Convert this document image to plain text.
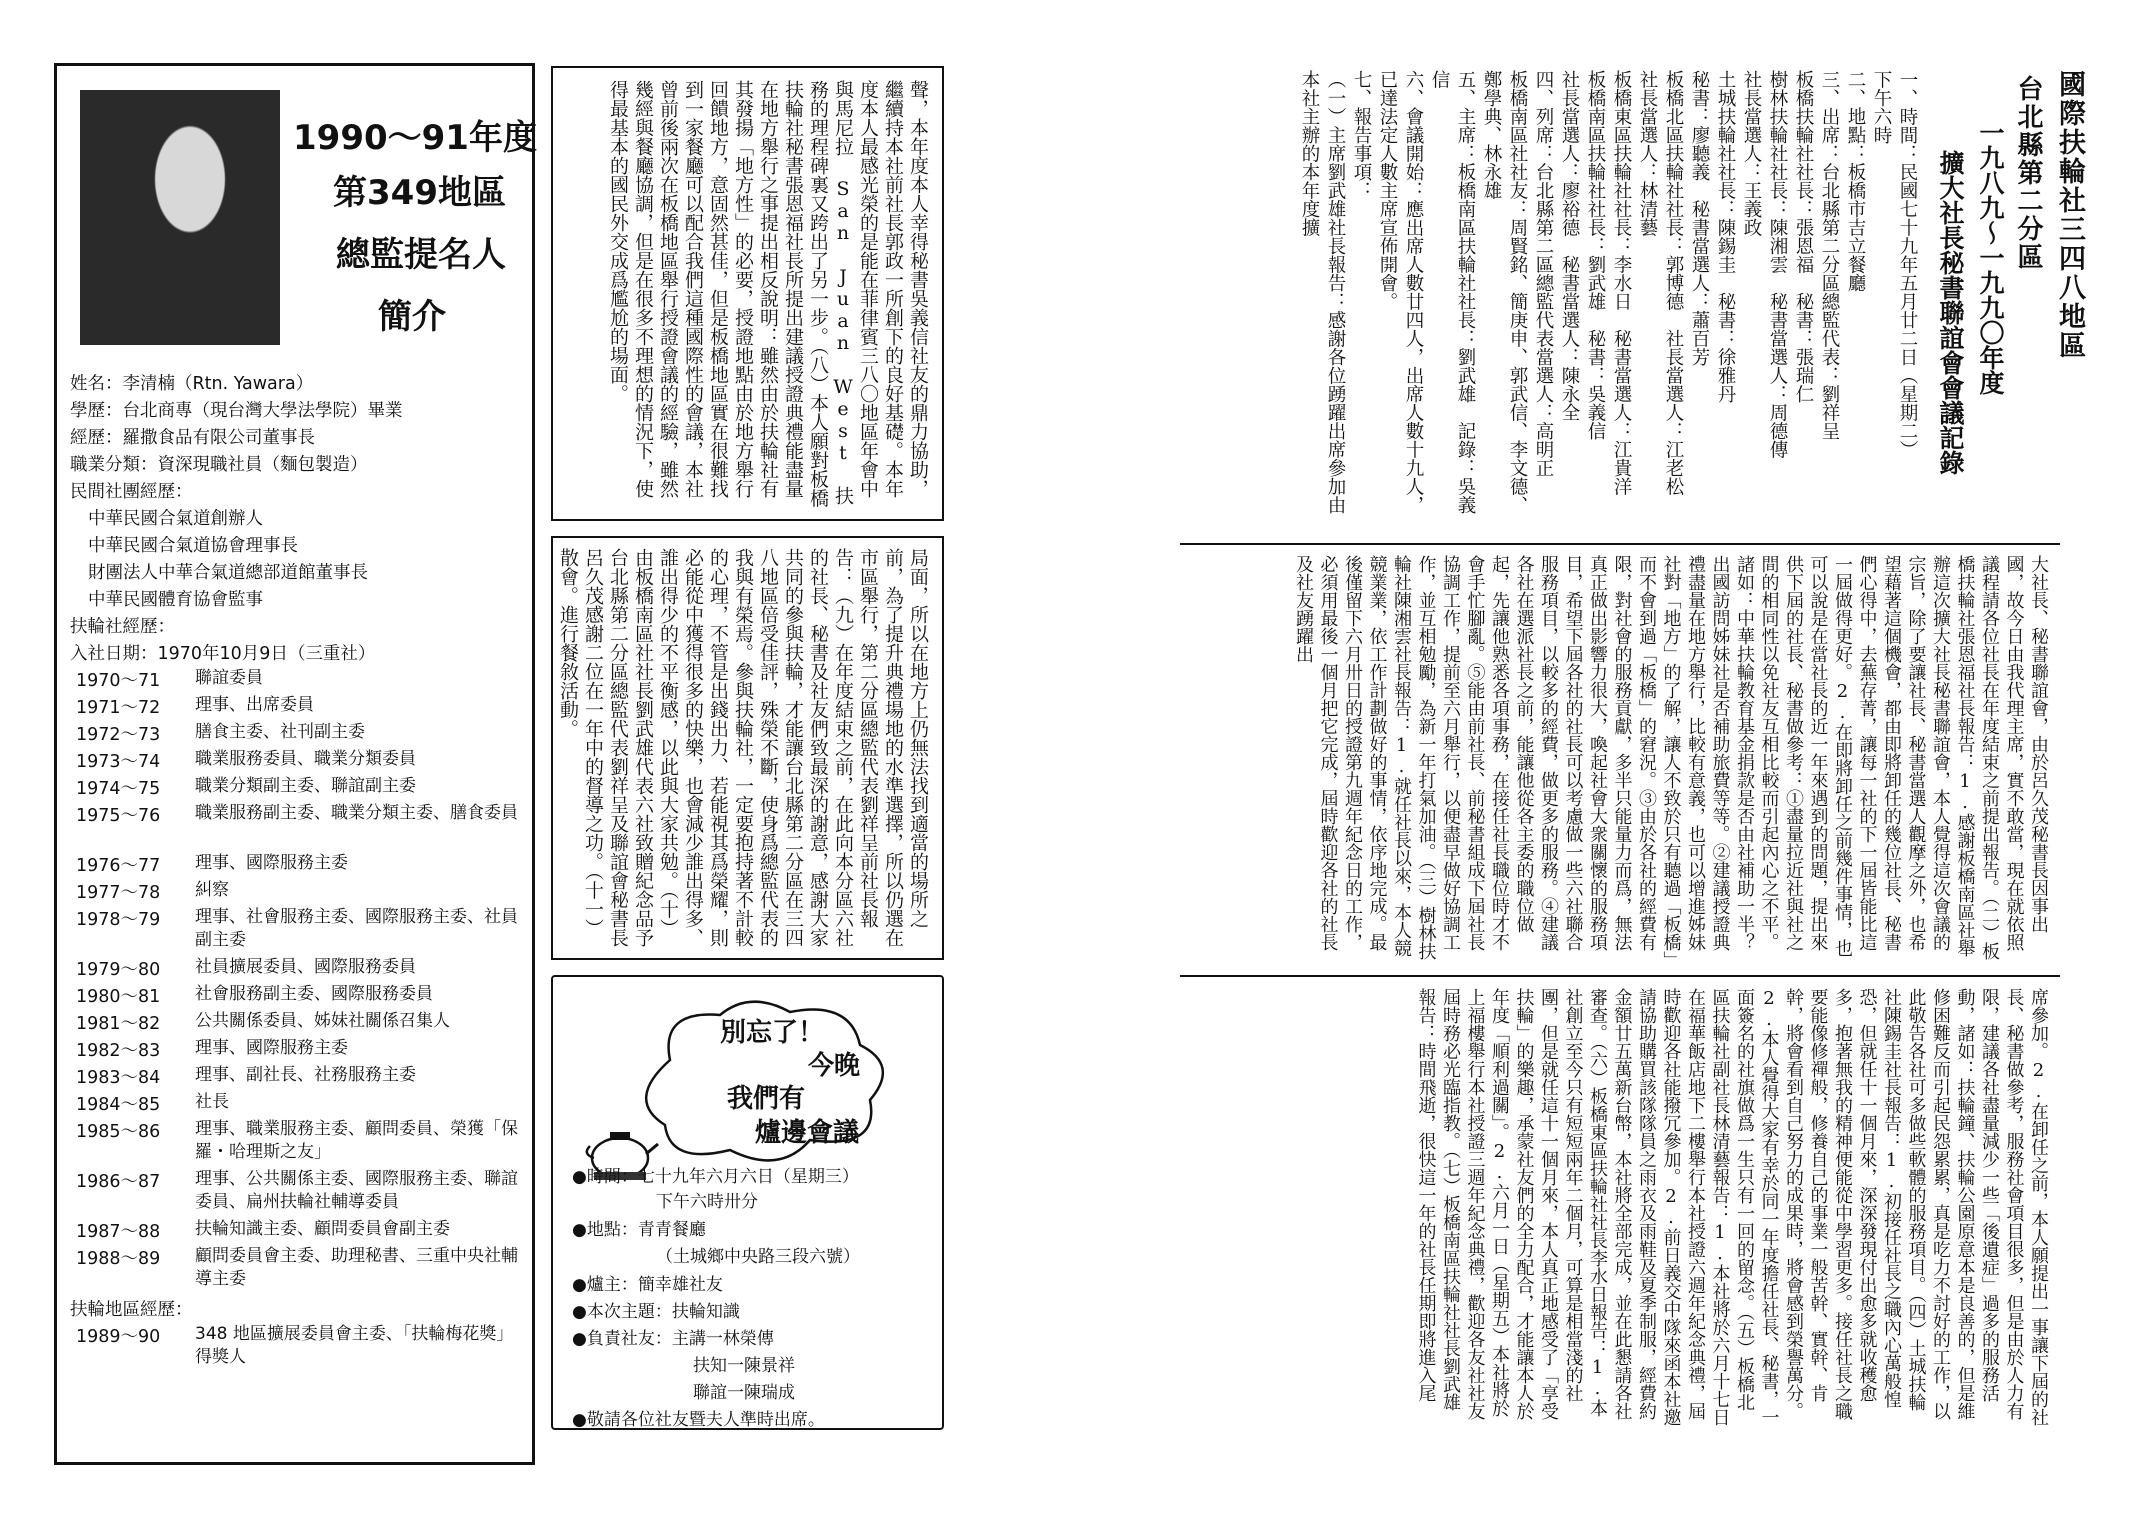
1990〜91年度
第349地區
總監提名人
簡介
姓名：李清楠（Rtn. Yawara）
學歷：台北商專（現台灣大學法學院）畢業
經歷：羅撒食品有限公司董事長
職業分類：資深現職社員（麵包製造）
民間社團經歷：
中華民國合氣道創辦人
中華民國合氣道協會理事長
財團法人中華合氣道總部道館董事長
中華民國體育協會監事
扶輪社經歷：
入社日期：1970年10月9日（三重社）
1970〜71 聯誼委員
1971〜72 理事、出席委員
1972〜73 膳食主委、社刊副主委
1973〜74 職業服務委員、職業分類委員
1974〜75 職業分類副主委、聯誼副主委
1975〜76 職業服務副主委、職業分類主委、膳食委員
1976〜77 理事、國際服務主委
1977〜78 糾察
1978〜79 理事、社會服務主委、國際服務主委、社員副主委
1979〜80 社員擴展委員、國際服務委員
1980〜81 社會服務副主委、國際服務委員
1981〜82 公共關係委員、姊妹社關係召集人
1982〜83 理事、國際服務主委
1983〜84 理事、副社長、社務服務主委
1984〜85 社長
1985〜86 理事、職業服務主委、顧問委員、榮獲「保羅・哈理斯之友」
1986〜87 理事、公共關係主委、國際服務主委、聯誼委員、扁州扶輪社輔導委員
1987〜88 扶輪知識主委、顧問委員會副主委
1988〜89 顧問委員會主委、助理秘書、三重中央社輔導主委
扶輪地區經歷：
1989〜90 348 地區擴展委員會主委、「扶輪梅花獎」得獎人
聲，本年度本人幸得秘書吳義信社友的鼎力協助，繼續持本社前社長郭政一所創下的良好基礎。本年度本人最感光榮的是能在菲律賓三八〇地區年會中與馬尼拉 San Juan West 扶務的理程碑裏又跨出了另一步。（八）本人願對板橋扶輪社秘書張恩福社長所提出建議授證典禮能盡量在地方舉行之事提出相反說明：雖然由於扶輪社有其發揚「地方性」的必要，授證地點由於地方舉行回饋地方，意固然甚佳，但是板橋地區實在很難找到一家餐廳可以配合我們這種國際性的會議，本社曾前後兩次在板橋地區舉行授證會議的經驗，雖然幾經與餐廳協調，但是在很多不理想的情況下，使得最基本的國民外交成爲尷尬的場面。
局面，所以在地方上仍無法找到適當的場所之前，為了提升典禮場地的水準選擇，所以仍選在市區舉行，第二分區總監代表劉祥呈前社長報告：（九）在年度結束之前，在此向本分區六社的社長、秘書及社友們致最深的謝意，感謝大家共同的參與扶輪，才能讓台北縣第二分區在三四八地區倍受佳評，殊榮不斷，使身爲總監代表的我與有榮焉。參與扶輪社，一定要抱持著不計較的心理，不管是出錢出力、若能視其爲榮耀，則必能從中獲得很多的快樂，也會減少誰出得多、誰出得少的不平衡感，以此與大家共勉。（十）由板橋南區社社長劉武雄代表六社致贈紀念品予台北縣第二分區總監代表劉祥呈及聯誼會秘書長呂久茂感謝二位在一年中的督導之功。（十一）散會。進行餐敘活動。
別忘了！
今晚
我們有
爐邊會議
●時間：七十九年六月六日（星期三）
下午六時卅分
●地點：青青餐廳
（土城鄉中央路三段六號）
●爐主：簡幸雄社友
●本次主題：扶輪知識
●負責社友：主講一林榮傳
扶知一陳景祥
聯誼一陳瑞成
●敬請各位社友暨夫人準時出席。
國際扶輪社三四八地區
台北縣第二分區
一九八九〜一九九〇年度
擴大社長秘書聯誼會會議記錄
一、時間：民國七十九年五月廿二日（星期二）
下午六時
二、地點：板橋市吉立餐廳
三、出席：台北縣第二分區總監代表：劉祥呈
板橋扶輪社社長：張恩福　秘書：張瑞仁
樹林扶輪社社長：陳湘雲　秘書當選人：周德傳
社長當選人：王義政
土城扶輪社社長：陳錫圭　秘書：徐雅丹
秘書：廖聽義　秘書當選人：蕭百芳
板橋北區扶輪社社長：郭博德　社長當選人：江老松
社長當選人：林清藝
板橋東區扶輪社社長：李水日　秘書當選人：江貴洋
板橋南區扶輪社社長：劉武雄　秘書：吳義信
社長當選人：廖裕德　秘書當選人：陳永全
四、列席：台北縣第二區總監代表當選人：高明正
板橋南區社社友：周賢銘、簡庚申、郭武信、李文德、鄭學典、林永雄
五、主席：板橋南區扶輪社社長：劉武雄　記錄：吳義信
六、會議開始：應出席人數廿四人，出席人數十九人，已達法定人數主席宣佈開會。
七、報告事項：
（一）主席劉武雄社長報告：感謝各位踴躍出席參加由本社主辦的本年度擴
大社長、秘書聯誼會，由於呂久茂秘書長因事出國，故今日由我代理主席，實不敢當，現在就依照議程請各位社長在年度結束之前提出報告。（二）板橋扶輪社張恩福社長報告：1.感謝板橋南區社舉辦這次擴大社長秘書聯誼會，本人覺得這次會議的宗旨，除了要讓社長、秘書當選人觀摩之外，也希望藉著這個機會，都由即將卸任的幾位社長、秘書們心得中，去蕪存菁，讓每一社的下一屆皆能比這一屆做得更好。2.在即將卸任之前幾件事情，也可以說是在當社長的近一年來遇到的問題，提出來供下屆的社長、秘書做參考：①盡量拉近社與社之間的相同性以免社友互相比較而引起內心之不平。諸如：中華扶輪教育基金捐款是否由社補助一半？出國訪問姊妹社是否補助旅費等等。②建議授證典禮盡量在地方舉行，比較有意義，也可以增進姊妹社對「地方」的了解，讓人不致於只有聽過「板橋」而不會到過「板橋」的窘況。③由於各社的經費有限，對社會的服務貢獻，多半只能量力而爲，無法真正做出影響力很大，喚起社會大衆關懷的服務項目，希望下屆各社的社長可以考慮做一些六社聯合服務項目，以較多的經費，做更多的服務。④建議各社在選派社長之前，能讓他從各主委的職位做起，先讓他熟悉各項事務，在接任社長職位時才不會手忙腳亂。⑤能由前社長、前秘書組成下屆社長協調工作，提前至六月舉行，以便盡早做好協調工作，並互相勉勵，為新一年打氣加油。（三）樹林扶輪社陳湘雲社長報告：1.就任社長以來，本人競競業業，依工作計劃做好的事情，依序地完成。最後僅留下六月卅日的授證第九週年紀念日的工作，必須用最後一個月把它完成，屆時歡迎各社的社長及社友踴躍出
席參加。2.在卸任之前，本人願提出一事讓下屆的社長、秘書做參考，服務社會項目很多，但是由於人力有限，建議各社盡量減少一些「後遺症」過多的服務活動，諸如：扶輪鐘、扶輪公園原意本是良善的，但是維修困難反而引起民怨累累，真是吃力不討好的工作，以此敬告各社可多做些軟體的服務項目。（四）土城扶輪社陳錫圭社長報告：1.初接任社長之職內心萬般惶恐，但就任十一個月來，深深發現付出愈多就收穫愈多，抱著無我的精神便能從中學習更多。接任社長之職要能像修禪般，修養自己的事業一般苦幹、實幹、肯幹，將會看到自己努力的成果時，將會感到榮譽萬分。2.本人覺得大家有幸於同一年度擔任社長、秘書，一面簽名的社旗做爲一生只有一回的留念。（五）板橋北區扶輪社副社長林清藝報告：1.本社將於六月十七日在福華飯店地下二樓舉行本社授證六週年紀念典禮，屆時歡迎各社能撥冗參加。2.前日義交中隊來函本社邀請協助購買該隊隊員之雨衣及雨鞋及夏季制服，經費約金額廿五萬新台幣，本社將全部完成，並在此懇請各社審查。（六）板橋東區扶輪社社長李水日報告：1.本社創立至今只有短短兩年二個月，可算是相當淺的社團，但是就任這十一個月來，本人真正地感受了「享受扶輪」的樂趣，承蒙社友們的全力配合，才能讓本人於年度「順利過關」。2.六月一日（星期五）本社將於上福樓舉行本社授證三週年紀念典禮，歡迎各友社社友屆時務必光臨指教。（七）板橋南區扶輪社社長劉武雄報告：時間飛逝，很快這一年的社長任期即將進入尾
